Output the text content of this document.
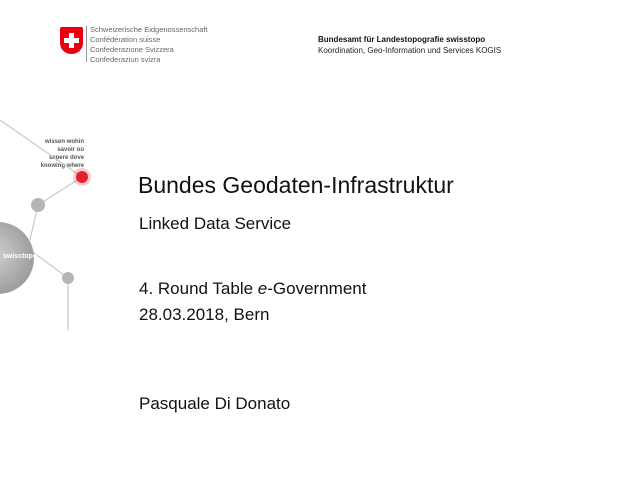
Schweizerische Eidgenossenschaft
Confédération suisse
Confederazione Svizzera
Confederaziun svizra
Bundesamt für Landestopografie swisstopo
Koordination, Geo-Information und Services KOGIS
wissen wohin
savoir où
sapere dove
knowing where
swisstopo
Bundes Geodaten-Infrastruktur
Linked Data Service
4. Round Table e-Government
28.03.2018, Bern
Pasquale Di Donato
